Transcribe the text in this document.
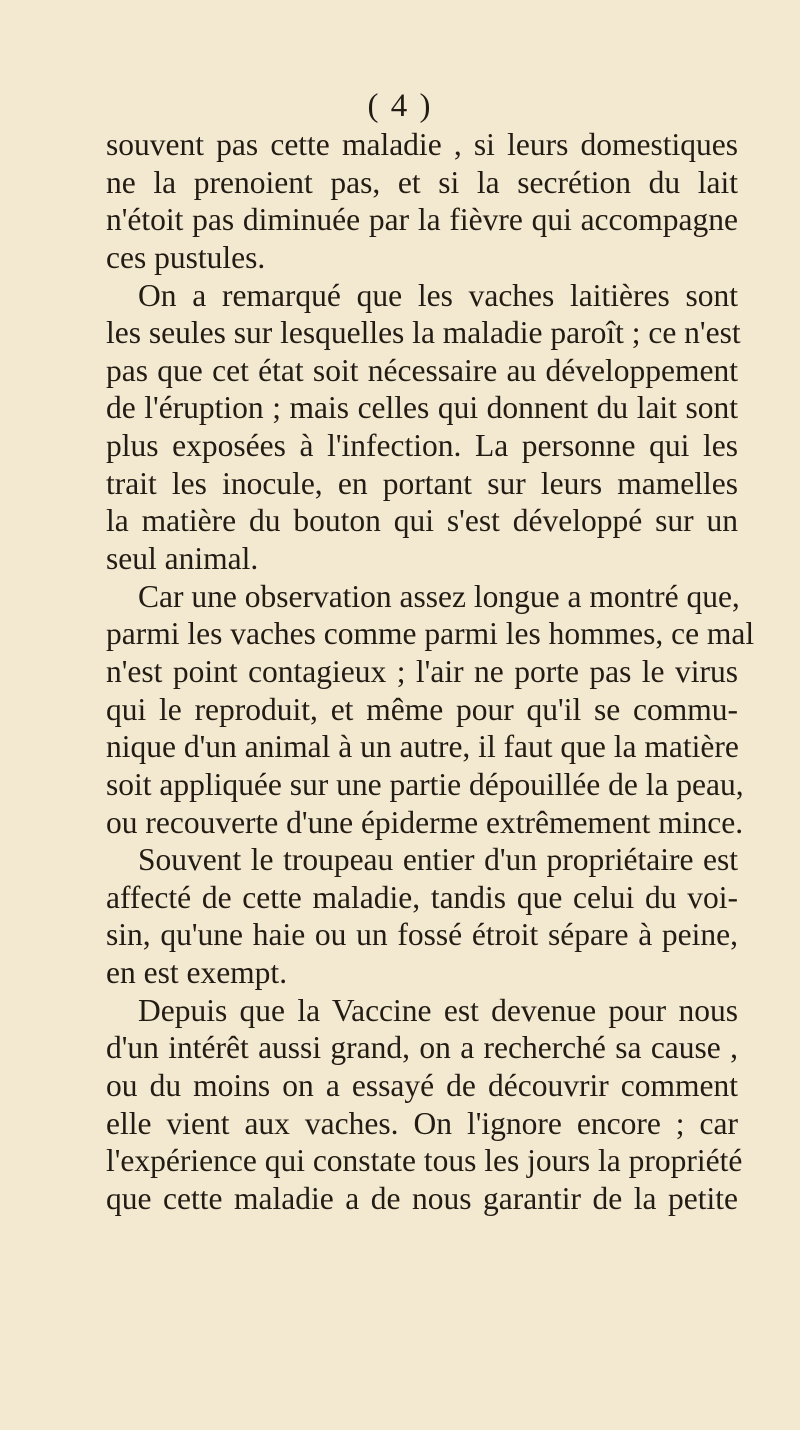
( 4 )
souvent pas cette maladie , si leurs domestiques
ne la prenoient pas, et si la secrétion du lait
n'étoit pas diminuée par la fièvre qui accompagne
ces pustules.
On a remarqué que les vaches laitières sont
les seules sur lesquelles la maladie paroît ; ce n'est
pas que cet état soit nécessaire au développement
de l'éruption ; mais celles qui donnent du lait sont
plus exposées à l'infection. La personne qui les
trait les inocule, en portant sur leurs mamelles
la matière du bouton qui s'est développé sur un
seul animal.
Car une observation assez longue a montré que,
parmi les vaches comme parmi les hommes, ce mal
n'est point contagieux ; l'air ne porte pas le virus
qui le reproduit, et même pour qu'il se commu-
nique d'un animal à un autre, il faut que la matière
soit appliquée sur une partie dépouillée de la peau,
ou recouverte d'une épiderme extrêmement mince.
Souvent le troupeau entier d'un propriétaire est
affecté de cette maladie, tandis que celui du voi-
sin, qu'une haie ou un fossé étroit sépare à peine,
en est exempt.
Depuis que la Vaccine est devenue pour nous
d'un intérêt aussi grand, on a recherché sa cause ,
ou du moins on a essayé de découvrir comment
elle vient aux vaches. On l'ignore encore ; car
l'expérience qui constate tous les jours la propriété
que cette maladie a de nous garantir de la petite
